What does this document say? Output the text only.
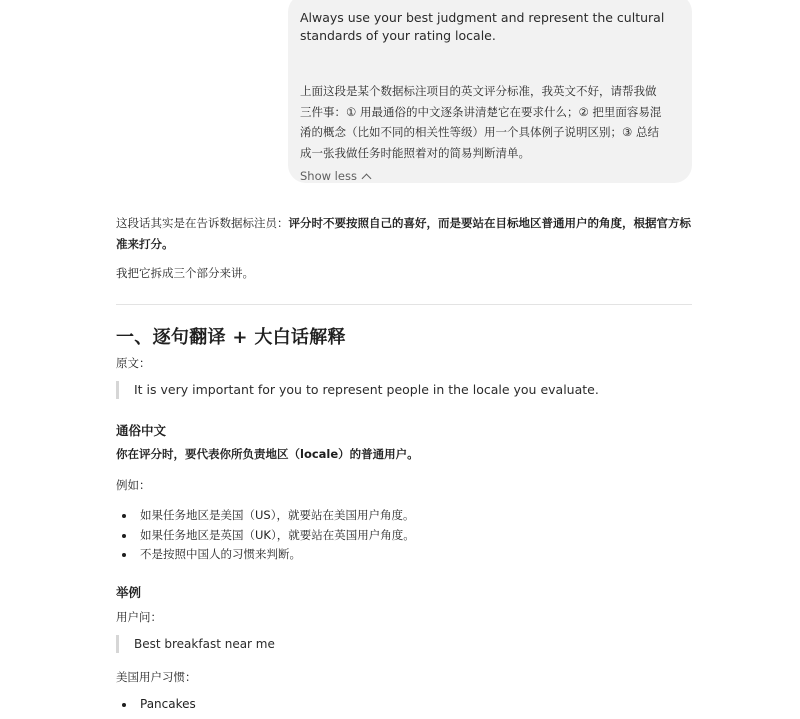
Always use your best judgment and represent the cultural
standards of your rating locale.

上面这段是某个数据标注项目的英文评分标准，我英文不好，请帮我做
三件事：① 用最通俗的中文逐条讲清楚它在要求什么；② 把里面容易混
淆的概念（比如不同的相关性等级）用一个具体例子说明区别；③ 总结
成一张我做任务时能照着对的简易判断清单。

Show less

这段话其实是在告诉数据标注员：评分时不要按照自己的喜好，而是要站在目标地区普通用户的角度，根据官方标准来打分。

我把它拆成三个部分来讲。

一、逐句翻译 + 大白话解释
原文：
It is very important for you to represent people in the locale you evaluate.
通俗中文
你在评分时，要代表你所负责地区（locale）的普通用户。
例如：
如果任务地区是美国（US），就要站在美国用户角度。
如果任务地区是英国（UK），就要站在英国用户角度。
不是按照中国人的习惯来判断。
举例
用户问：
Best breakfast near me
美国用户习惯：
Pancakes
